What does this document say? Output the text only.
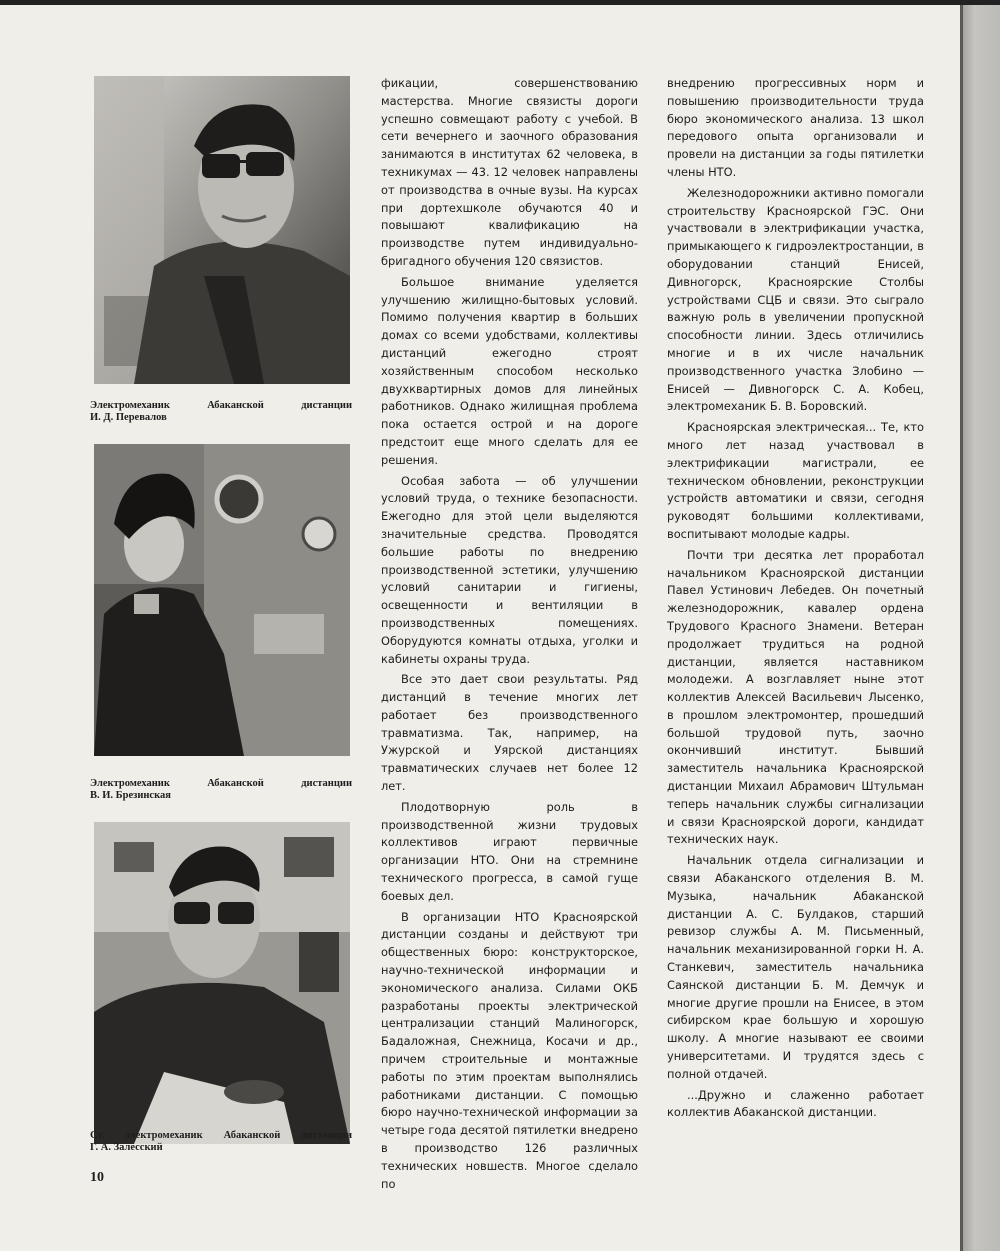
Электромеханик Абаканской дистанции
И. Д. Перевалов
Электромеханик Абаканской дистанции
В. И. Брезинская
Ст. электромеханик Абаканской дистанции
Г. А. Залесский
10

фикации, совершенствованию мастерства. Многие связисты дороги успешно совмещают работу с учебой. В сети вечернего и заочного образования занимаются в институтах 62 человека, в техникумах — 43. 12 человек направлены от производства в очные вузы. На курсах при дортехшколе обучаются 40 и повышают квалификацию на производстве путем индивидуально-бригадного обучения 120 связистов.

Большое внимание уделяется улучшению жилищно-бытовых условий. Помимо получения квартир в больших домах со всеми удобствами, коллективы дистанций ежегодно строят хозяйственным способом несколько двухквартирных домов для линейных работников. Однако жилищная проблема пока остается острой и на дороге предстоит еще много сделать для ее решения.

Особая забота — об улучшении условий труда, о технике безопасности. Ежегодно для этой цели выделяются значительные средства. Проводятся большие работы по внедрению производственной эстетики, улучшению условий санитарии и гигиены, освещенности и вентиляции в производственных помещениях. Оборудуются комнаты отдыха, уголки и кабинеты охраны труда.

Все это дает свои результаты. Ряд дистанций в течение многих лет работает без производственного травматизма. Так, например, на Ужурской и Уярской дистанциях травматических случаев нет более 12 лет.

Плодотворную роль в производственной жизни трудовых коллективов играют первичные организации НТО. Они на стремнине технического прогресса, в самой гуще боевых дел.

В организации НТО Красноярской дистанции созданы и действуют три общественных бюро: конструкторское, научно-технической информации и экономического анализа. Силами ОКБ разработаны проекты электрической централизации станций Малиногорск, Бадаложная, Снежница, Косачи и др., причем строительные и монтажные работы по этим проектам выполнялись работниками дистанции. С помощью бюро научно-технической информации за четыре года десятой пятилетки внедрено в производство 126 различных технических новшеств. Многое сделало по

внедрению прогрессивных норм и повышению производительности труда бюро экономического анализа. 13 школ передового опыта организовали и провели на дистанции за годы пятилетки члены НТО.

Железнодорожники активно помогали строительству Красноярской ГЭС. Они участвовали в электрификации участка, примыкающего к гидроэлектростанции, в оборудовании станций Енисей, Дивногорск, Красноярские Столбы устройствами СЦБ и связи. Это сыграло важную роль в увеличении пропускной способности линии. Здесь отличились многие и в их числе начальник производственного участка Злобино — Енисей — Дивногорск С. А. Кобец, электромеханик Б. В. Боровский.

Красноярская электрическая... Те, кто много лет назад участвовал в электрификации магистрали, ее техническом обновлении, реконструкции устройств автоматики и связи, сегодня руководят большими коллективами, воспитывают молодые кадры.

Почти три десятка лет проработал начальником Красноярской дистанции Павел Устинович Лебедев. Он почетный железнодорожник, кавалер ордена Трудового Красного Знамени. Ветеран продолжает трудиться на родной дистанции, является наставником молодежи. А возглавляет ныне этот коллектив Алексей Васильевич Лысенко, в прошлом электромонтер, прошедший большой трудовой путь, заочно окончивший институт. Бывший заместитель начальника Красноярской дистанции Михаил Абрамович Штульман теперь начальник службы сигнализации и связи Красноярской дороги, кандидат технических наук.

Начальник отдела сигнализации и связи Абаканского отделения В. М. Музыка, начальник Абаканской дистанции А. С. Булдаков, старший ревизор службы А. М. Письменный, начальник механизированной горки Н. А. Станкевич, заместитель начальника Саянской дистанции Б. М. Демчук и многие другие прошли на Енисее, в этом сибирском крае большую и хорошую школу. А многие называют ее своими университетами. И трудятся здесь с полной отдачей.

...Дружно и слаженно работает коллектив Абаканской дистанции.
